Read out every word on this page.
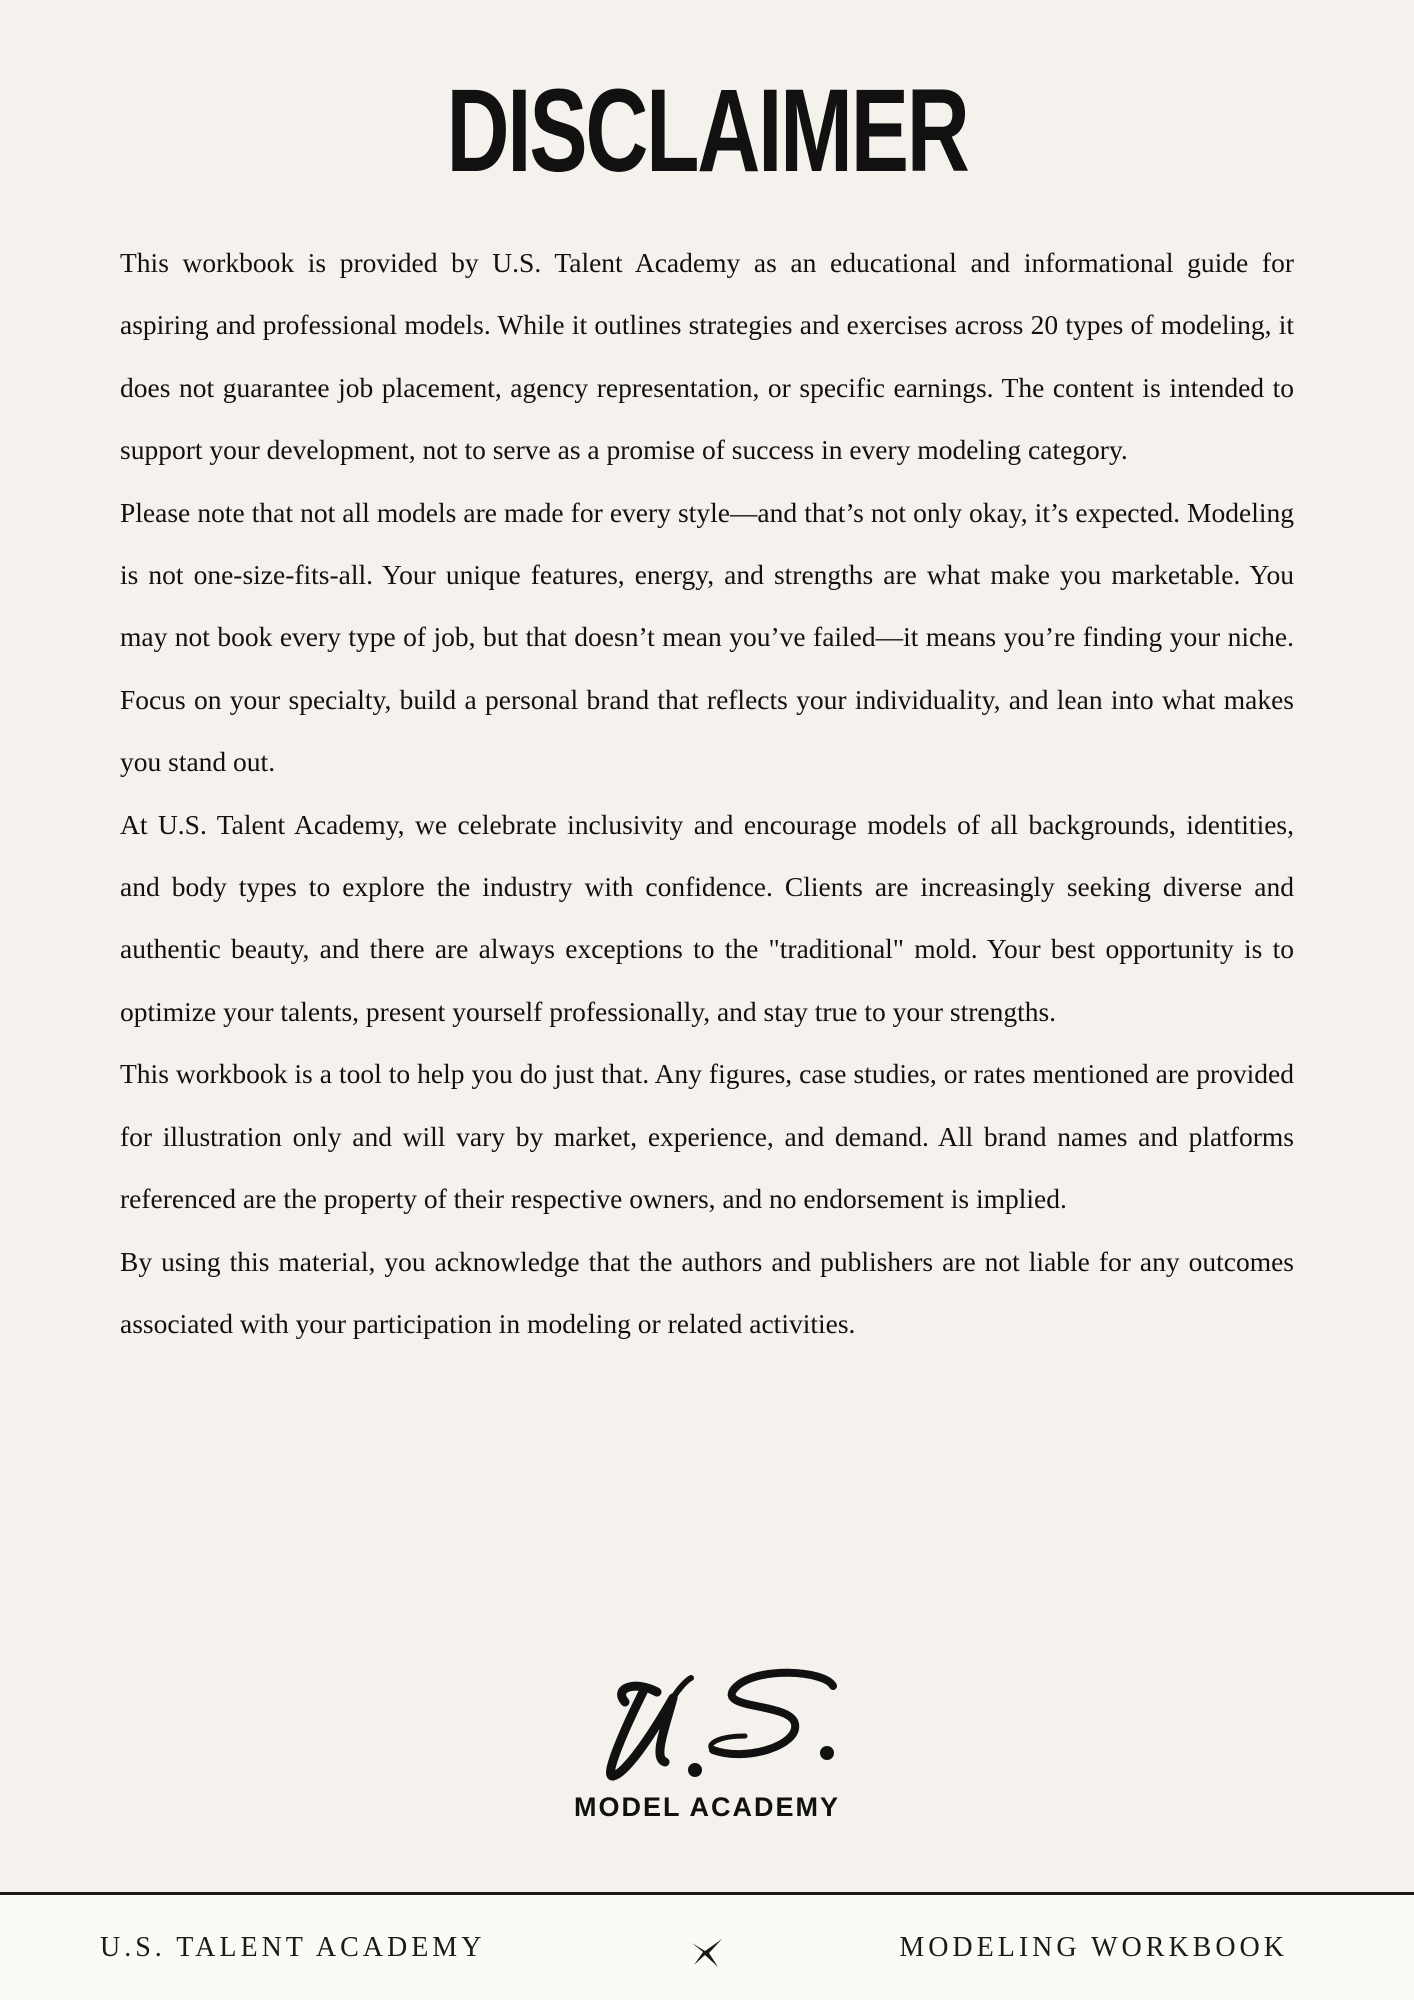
DISCLAIMER

This workbook is provided by U.S. Talent Academy as an educational and informational guide for aspiring and professional models. While it outlines strategies and exercises across 20 types of modeling, it does not guarantee job placement, agency representation, or specific earnings. The content is intended to support your development, not to serve as a promise of success in every modeling category.

Please note that not all models are made for every style—and that’s not only okay, it’s expected. Modeling is not one-size-fits-all. Your unique features, energy, and strengths are what make you marketable. You may not book every type of job, but that doesn’t mean you’ve failed—it means you’re finding your niche. Focus on your specialty, build a personal brand that reflects your individuality, and lean into what makes you stand out.

At U.S. Talent Academy, we celebrate inclusivity and encourage models of all backgrounds, identities, and body types to explore the industry with confidence. Clients are increasingly seeking diverse and authentic beauty, and there are always exceptions to the "traditional" mold. Your best opportunity is to optimize your talents, present yourself professionally, and stay true to your strengths.

This workbook is a tool to help you do just that. Any figures, case studies, or rates mentioned are provided for illustration only and will vary by market, experience, and demand. All brand names and platforms referenced are the property of their respective owners, and no endorsement is implied.

By using this material, you acknowledge that the authors and publishers are not liable for any outcomes associated with your participation in modeling or related activities.

MODEL ACADEMY
U.S. TALENT ACADEMY	MODELING WORKBOOK
